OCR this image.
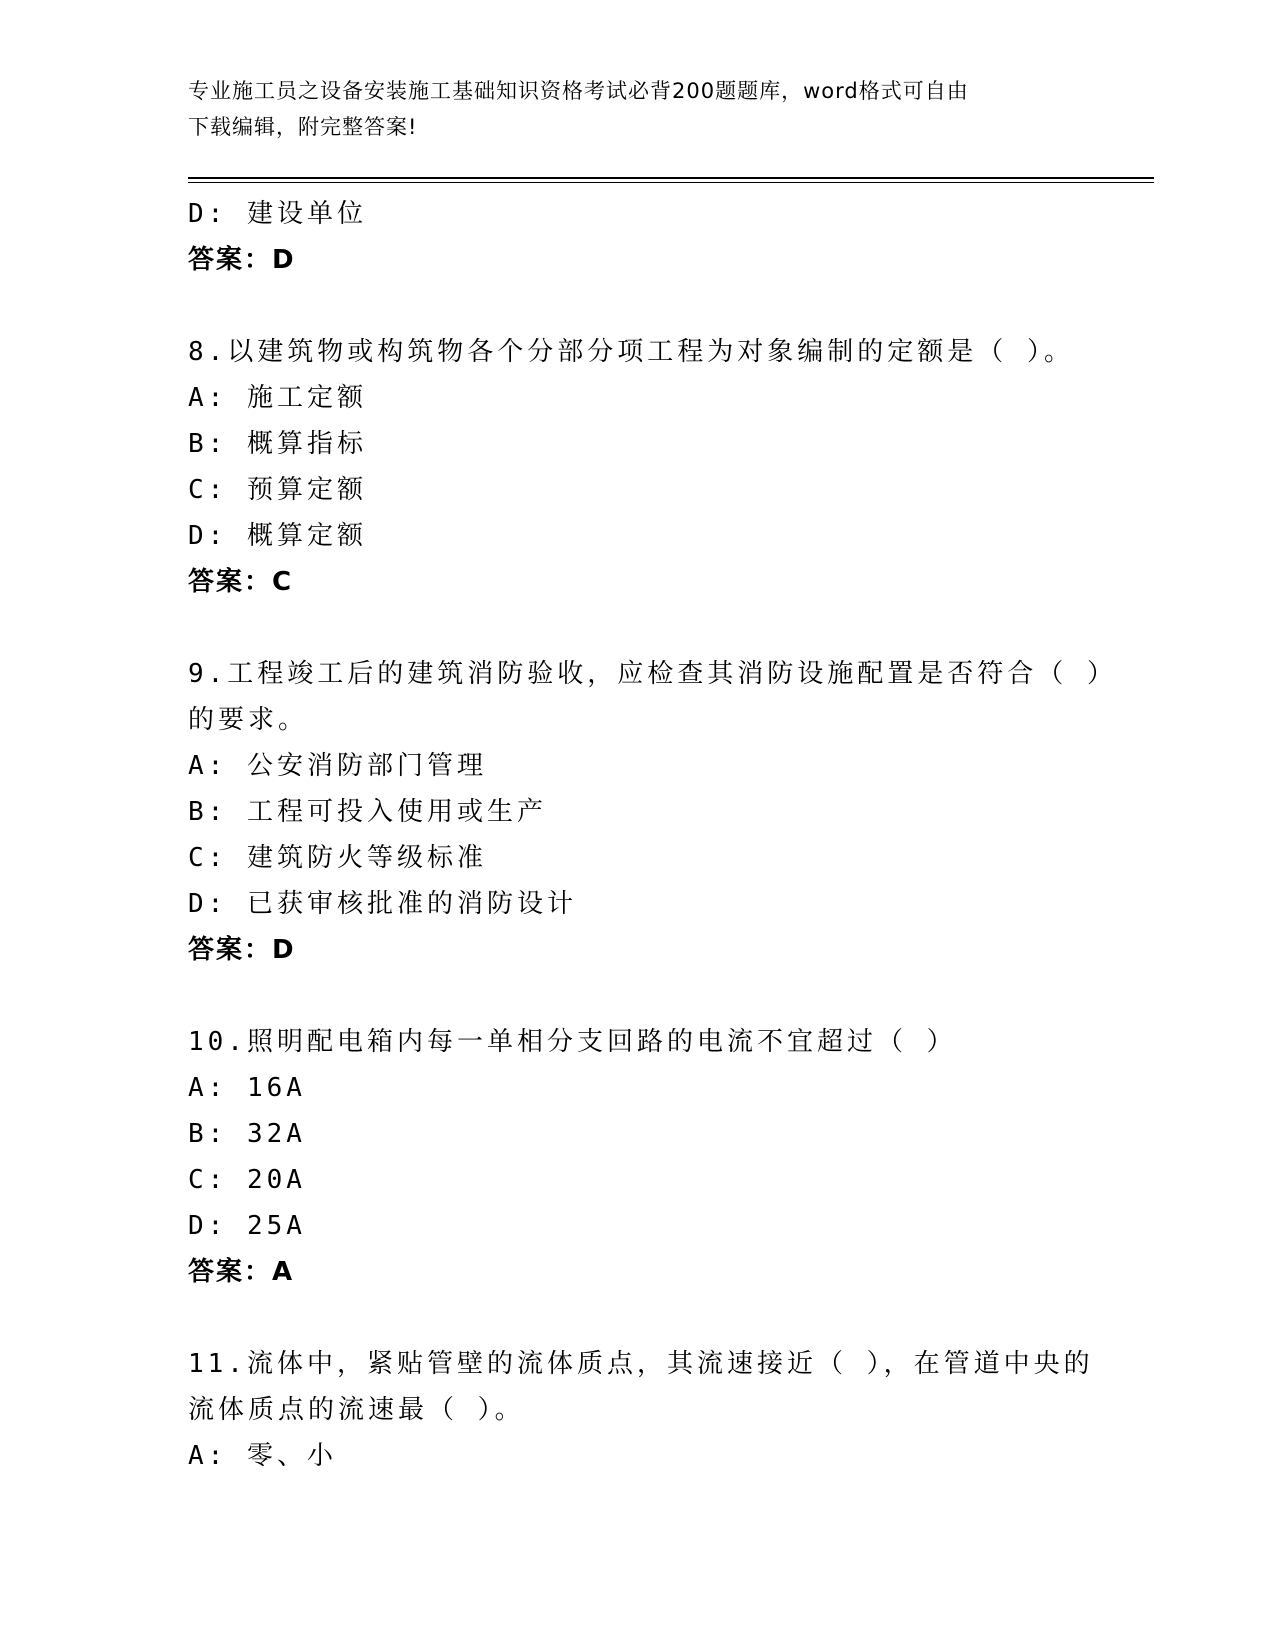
专业施工员之设备安装施工基础知识资格考试必背200题题库，word格式可自由
下载编辑，附完整答案!
D: 建设单位
答案：D
8.以建筑物或构筑物各个分部分项工程为对象编制的定额是（ ）。
A: 施工定额
B: 概算指标
C: 预算定额
D: 概算定额
答案：C
9.工程竣工后的建筑消防验收，应检查其消防设施配置是否符合（ ）
的要求。
A: 公安消防部门管理
B: 工程可投入使用或生产
C: 建筑防火等级标准
D: 已获审核批准的消防设计
答案：D
10.照明配电箱内每一单相分支回路的电流不宜超过（ ）
A: 16A
B: 32A
C: 20A
D: 25A
答案：A
11.流体中，紧贴管壁的流体质点，其流速接近（ ），在管道中央的
流体质点的流速最（ ）。
A: 零、小
